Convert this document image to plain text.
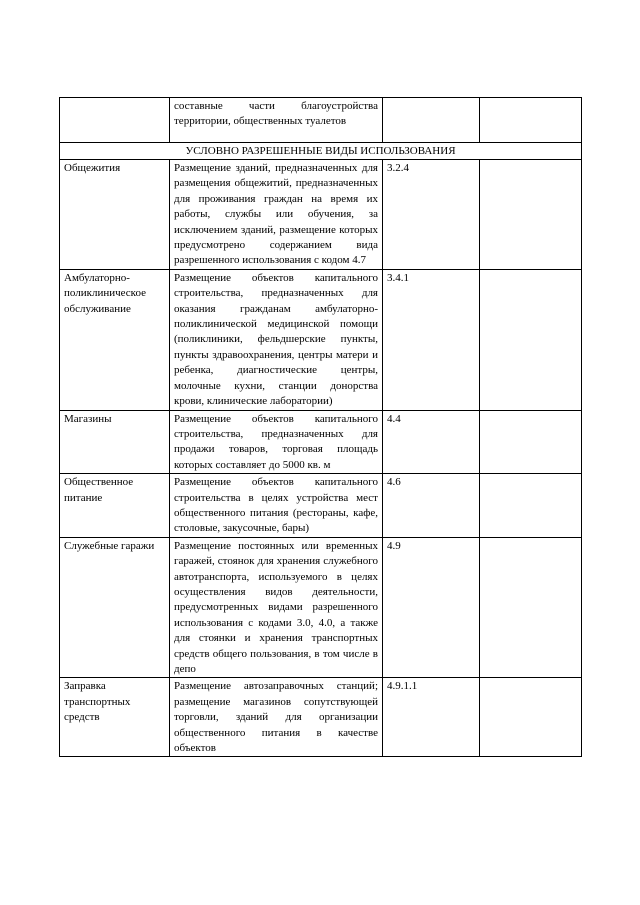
	составные части благоустройства территории, общественных туалетов		
УСЛОВНО РАЗРЕШЕННЫЕ ВИДЫ ИСПОЛЬЗОВАНИЯ			
Общежития	Размещение зданий, предназначенных для размещения общежитий, предназначенных для проживания граждан на время их работы, службы или обучения, за исключением зданий, размещение которых предусмотрено содержанием вида разрешенного использования с кодом 4.7	3.2.4	
Амбулаторно-поликлиническое обслуживание	Размещение объектов капитального строительства, предназначенных для оказания гражданам амбулаторно-поликлинической медицинской помощи (поликлиники, фельдшерские пункты, пункты здравоохранения, центры матери и ребенка, диагностические центры, молочные кухни, станции донорства крови, клинические лаборатории)	3.4.1	
Магазины	Размещение объектов капитального строительства, предназначенных для продажи товаров, торговая площадь которых составляет до 5000 кв. м	4.4	
Общественное питание	Размещение объектов капитального строительства в целях устройства мест общественного питания (рестораны, кафе, столовые, закусочные, бары)	4.6	
Служебные гаражи	Размещение постоянных или временных гаражей, стоянок для хранения служебного автотранспорта, используемого в целях осуществления видов деятельности, предусмотренных видами разрешенного использования с кодами 3.0, 4.0, а также для стоянки и хранения транспортных средств общего пользования, в том числе в депо	4.9	
Заправка транспортных средств	Размещение автозаправочных станций; размещение магазинов сопутствующей торговли, зданий для организации общественного питания в качестве объектов	4.9.1.1	
